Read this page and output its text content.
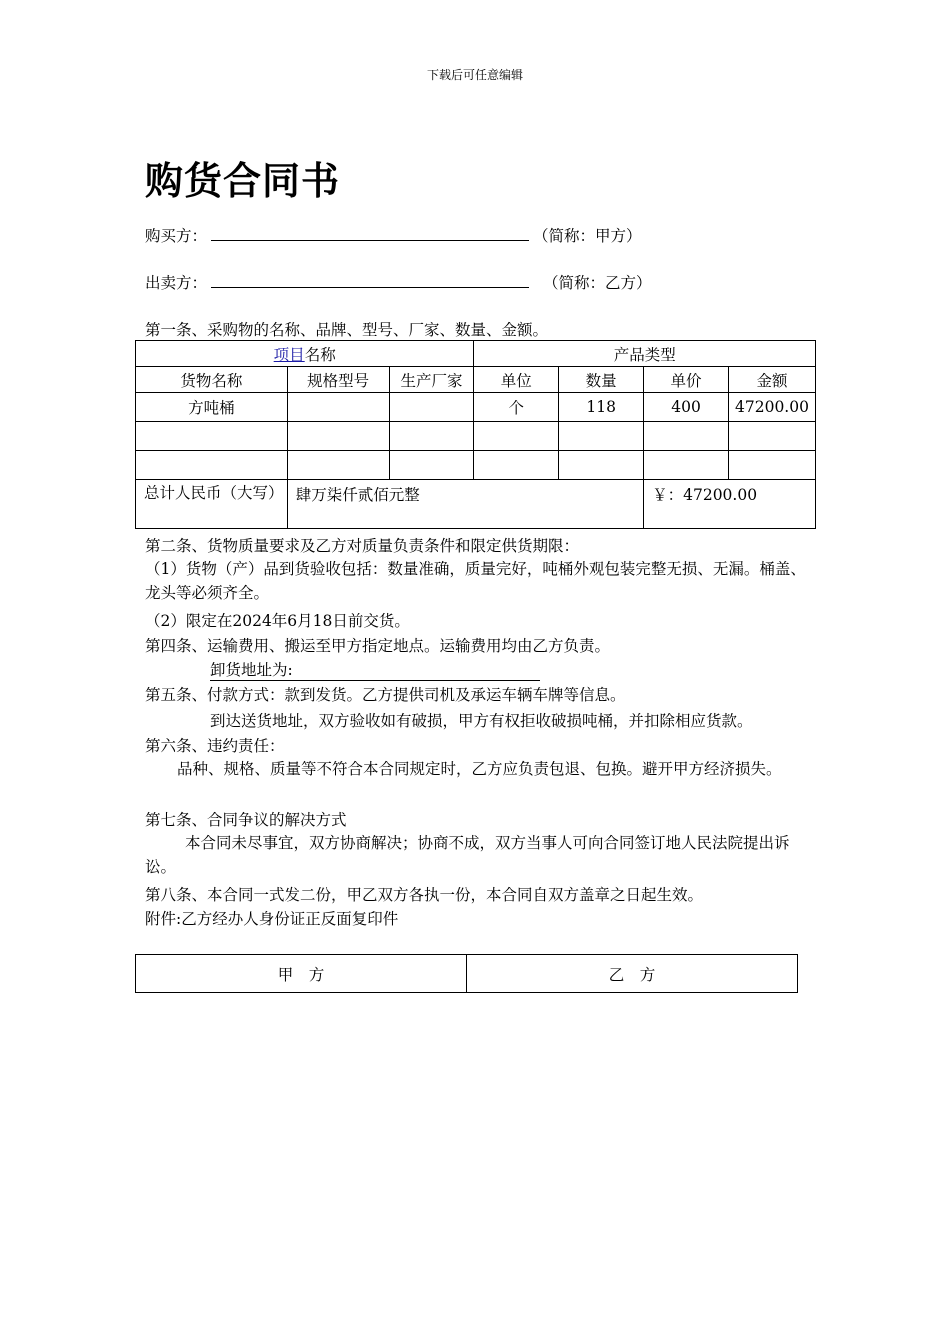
下载后可任意编辑
购货合同书
购买方：	（简称：甲方）
出卖方：	（简称：乙方）
第一条、采购物的名称、品牌、型号、厂家、数量、金额。
项目名称			产品类型			
货物名称	规格型号	生产厂家	单位	数量	单价	金额
方吨桶			个	118	400	47200.00

总计人民币（大写）	肆万柒仟贰佰元整				￥：47200.00	
第二条、货物质量要求及乙方对质量负责条件和限定供货期限：
（1）货物（产）品到货验收包括：数量准确，质量完好，吨桶外观包装完整无损、无漏。桶盖、龙头等必须齐全。
（2）限定在2024年6月18日前交货。
第四条、运输费用、搬运至甲方指定地点。运输费用均由乙方负责。
卸货地址为:
第五条、付款方式：款到发货。乙方提供司机及承运车辆车牌等信息。
到达送货地址，双方验收如有破损，甲方有权拒收破损吨桶，并扣除相应货款。
第六条、违约责任：
品种、规格、质量等不符合本合同规定时，乙方应负责包退、包换。避开甲方经济损失。
第七条、合同争议的解决方式
本合同未尽事宜，双方协商解决；协商不成，双方当事人可向合同签订地人民法院提出诉讼。
第八条、本合同一式发二份，甲乙双方各执一份，本合同自双方盖章之日起生效。
附件:乙方经办人身份证正反面复印件
甲　方	乙　方
